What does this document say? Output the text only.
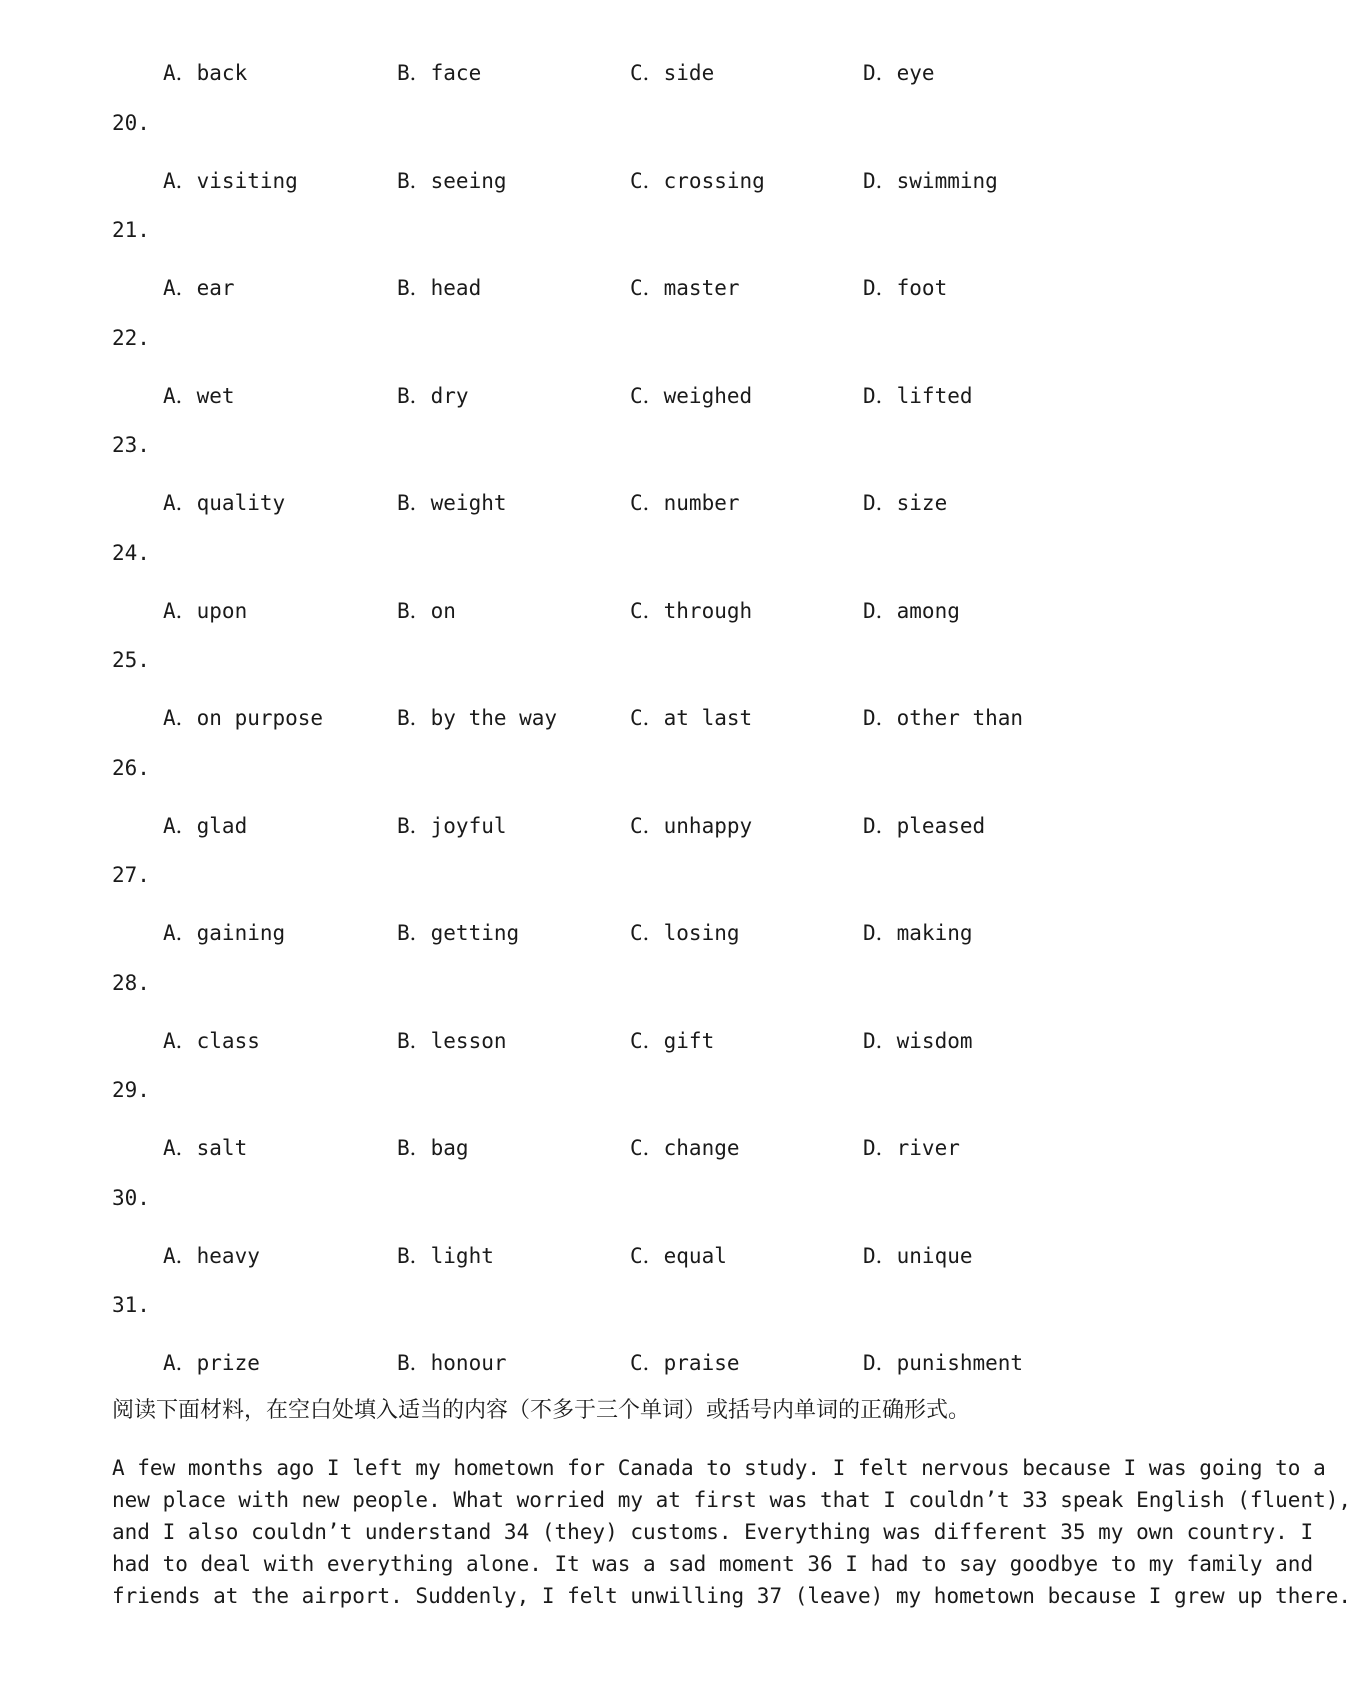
A．back	B．face	C．side	D．eye
20.
A．visiting	B．seeing	C．crossing	D．swimming
21.
A．ear	B．head	C．master	D．foot
22.
A．wet	B．dry	C．weighed	D．lifted
23.
A．quality	B．weight	C．number	D．size
24.
A．upon	B．on	C．through	D．among
25.
A．on purpose	B．by the way	C．at last	D．other than
26.
A．glad	B．joyful	C．unhappy	D．pleased
27.
A．gaining	B．getting	C．losing	D．making
28.
A．class	B．lesson	C．gift	D．wisdom
29.
A．salt	B．bag	C．change	D．river
30.
A．heavy	B．light	C．equal	D．unique
31.
A．prize	B．honour	C．praise	D．punishment
阅读下面材料，在空白处填入适当的内容（不多于三个单词）或括号内单词的正确形式。
A few months ago I left my hometown for Canada to study. I felt nervous because I was going to a
new place with new people. What worried my at first was that I couldn’t 33 speak English (fluent),
and I also couldn’t understand 34 (they) customs. Everything was different 35 my own country. I
had to deal with everything alone. It was a sad moment 36 I had to say goodbye to my family and
friends at the airport. Suddenly, I felt unwilling 37 (leave) my hometown because I grew up there.
